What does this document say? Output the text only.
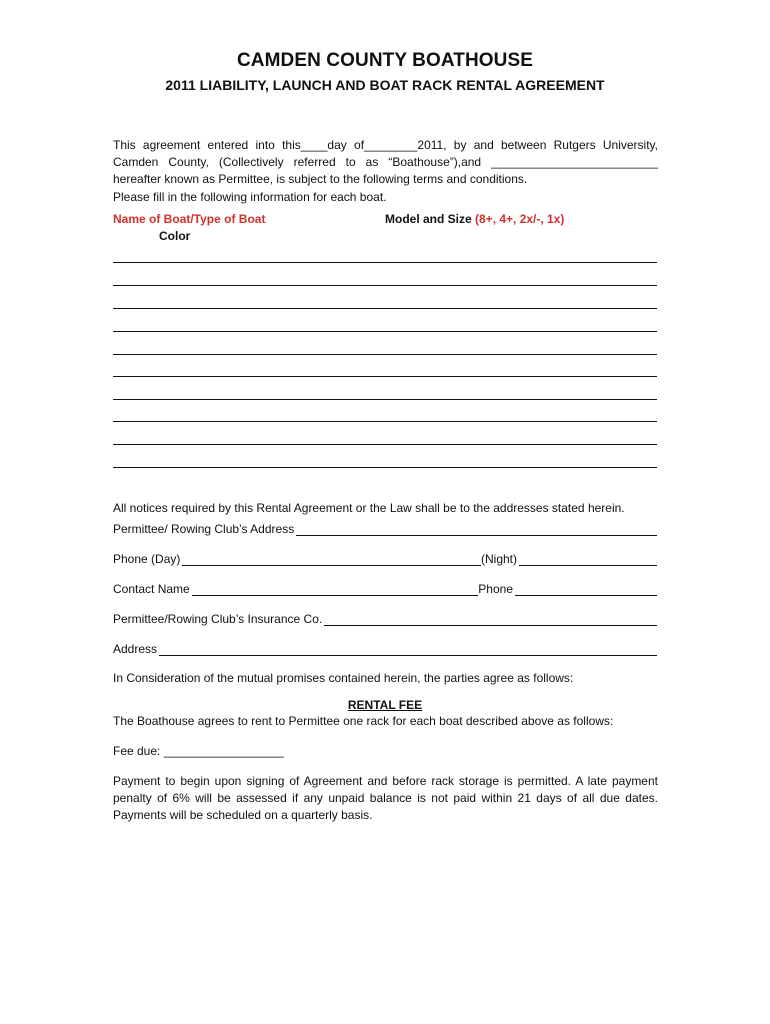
CAMDEN COUNTY BOATHOUSE
2011 LIABILITY, LAUNCH AND BOAT RACK RENTAL AGREEMENT
This agreement entered into this____day of________2011, by and between Rutgers University, Camden County, (Collectively referred to as “Boathouse”),and _________________________ hereafter known as Permittee, is subject to the following terms and conditions.
Please fill in the following information for each boat.
Name of Boat/Type of Boat
Color
Model and Size (8+, 4+, 2x/-, 1x)
All notices required by this Rental Agreement or the Law shall be to the addresses stated herein.
Permittee/ Rowing Club’s Address
Phone (Day)	(Night)
Contact Name	Phone
Permittee/Rowing Club’s Insurance Co.
Address
In Consideration of the mutual promises contained herein, the parties agree as follows:
RENTAL FEE
The Boathouse agrees to rent to Permittee one rack for each boat described above as follows:
Fee due: __________________
Payment to begin upon signing of Agreement and before rack storage is permitted. A late payment penalty of 6% will be assessed if any unpaid balance is not paid within 21 days of all due dates. Payments will be scheduled on a quarterly basis.
